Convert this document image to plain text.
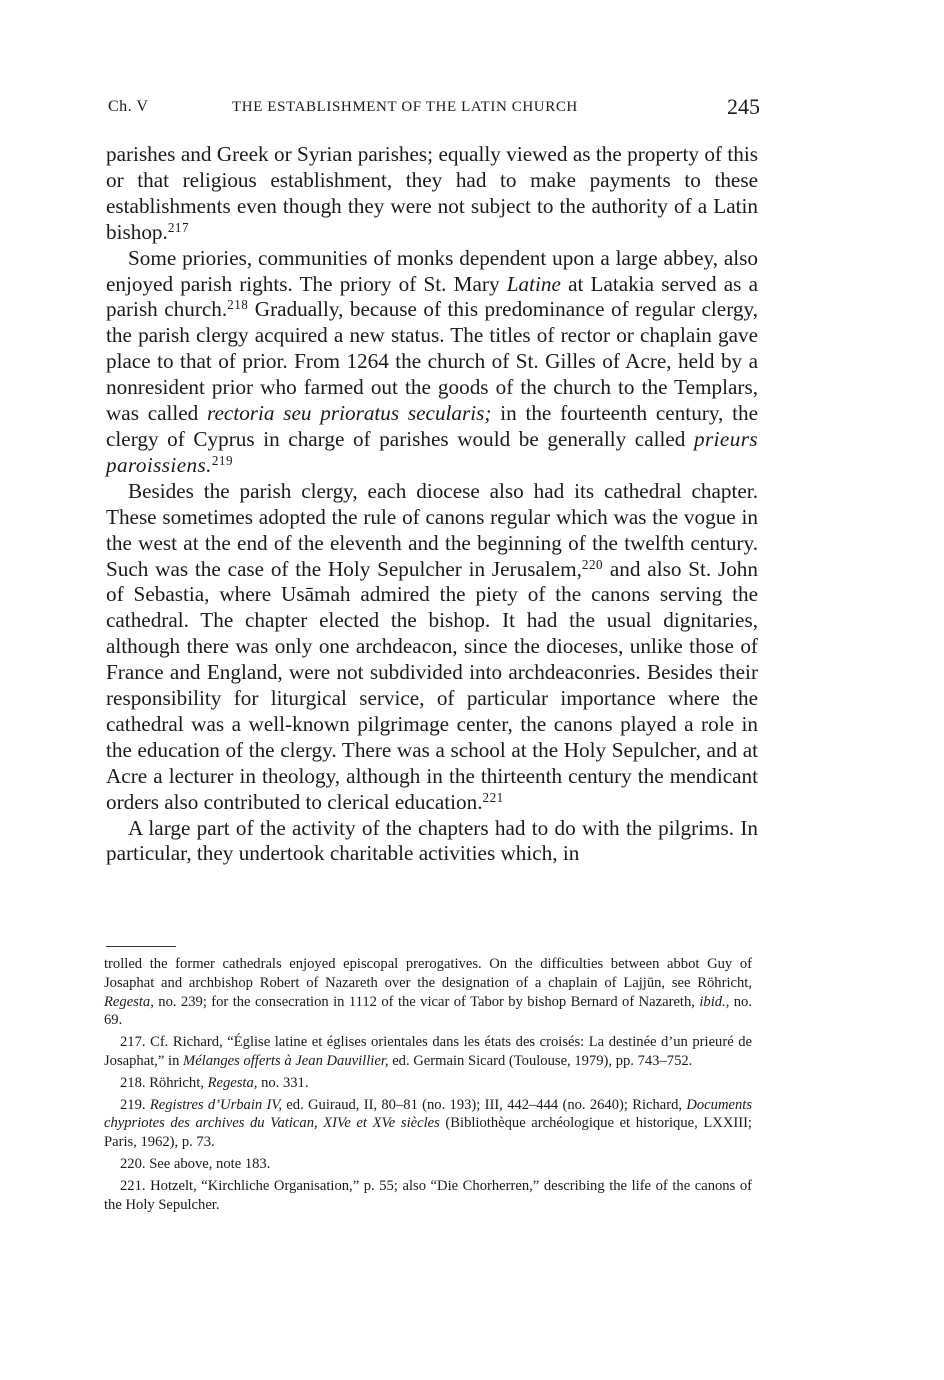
Ch. V	THE ESTABLISHMENT OF THE LATIN CHURCH	245

parishes and Greek or Syrian parishes; equally viewed as the property of this or that religious establishment, they had to make payments to these establishments even though they were not subject to the authority of a Latin bishop.$^{217}$

Some priories, communities of monks dependent upon a large abbey, also enjoyed parish rights. The priory of St. Mary Latine at Latakia served as a parish church.$^{218}$ Gradually, because of this predominance of regular clergy, the parish clergy acquired a new status. The titles of rector or chaplain gave place to that of prior. From 1264 the church of St. Gilles of Acre, held by a nonresident prior who farmed out the goods of the church to the Templars, was called rectoria seu prioratus secularis; in the fourteenth century, the clergy of Cyprus in charge of parishes would be generally called prieurs paroissiens.$^{219}$

Besides the parish clergy, each diocese also had its cathedral chapter. These sometimes adopted the rule of canons regular which was the vogue in the west at the end of the eleventh and the beginning of the twelfth century. Such was the case of the Holy Sepulcher in Jerusalem,$^{220}$ and also St. John of Sebastia, where Usāmah admired the piety of the canons serving the cathedral. The chapter elected the bishop. It had the usual dignitaries, although there was only one archdeacon, since the dioceses, unlike those of France and England, were not subdivided into archdeaconries. Besides their responsibility for liturgical service, of particular importance where the cathedral was a well-known pilgrimage center, the canons played a role in the education of the clergy. There was a school at the Holy Sepulcher, and at Acre a lecturer in theology, although in the thirteenth century the mendicant orders also contributed to clerical education.$^{221}$

A large part of the activity of the chapters had to do with the pilgrims. In particular, they undertook charitable activities which, in

trolled the former cathedrals enjoyed episcopal prerogatives. On the difficulties between abbot Guy of Josaphat and archbishop Robert of Nazareth over the designation of a chaplain of Lajjūn, see Röhricht, Regesta, no. 239; for the consecration in 1112 of the vicar of Tabor by bishop Bernard of Nazareth, ibid., no. 69.

217. Cf. Richard, “Église latine et églises orientales dans les états des croisés: La destinée d’un prieuré de Josaphat,” in Mélanges offerts à Jean Dauvillier, ed. Germain Sicard (Toulouse, 1979), pp. 743–752.

218. Röhricht, Regesta, no. 331.

219. Registres d’Urbain IV, ed. Guiraud, II, 80–81 (no. 193); III, 442–444 (no. 2640); Richard, Documents chypriotes des archives du Vatican, XIVe et XVe siècles (Bibliothèque archéologique et historique, LXXIII; Paris, 1962), p. 73.

220. See above, note 183.

221. Hotzelt, “Kirchliche Organisation,” p. 55; also “Die Chorherren,” describing the life of the canons of the Holy Sepulcher.
